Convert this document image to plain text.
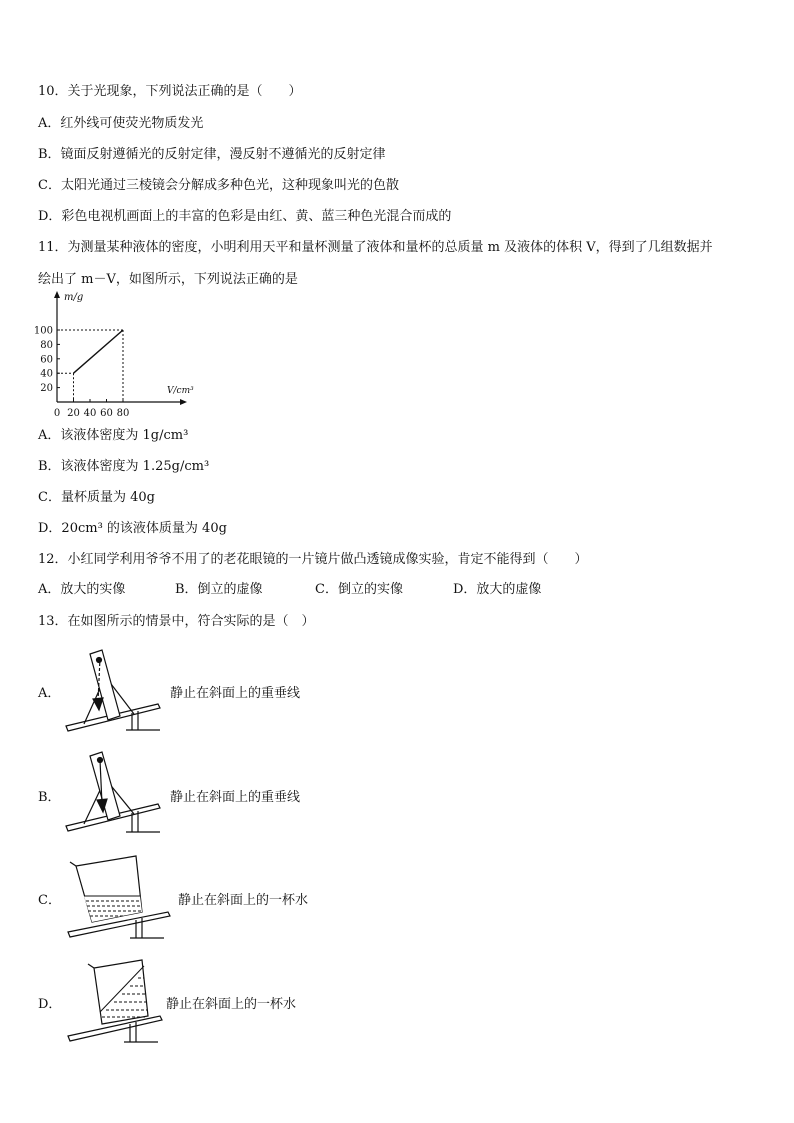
10．关于光现象，下列说法正确的是（　　）
A．红外线可使荧光物质发光
B．镜面反射遵循光的反射定律，漫反射不遵循光的反射定律
C．太阳光通过三棱镜会分解成多种色光，这种现象叫光的色散
D．彩色电视机画面上的丰富的色彩是由红、黄、蓝三种色光混合而成的
11．为测量某种液体的密度，小明利用天平和量杯测量了液体和量杯的总质量 m 及液体的体积 V，得到了几组数据并
绘出了 m－V，如图所示，下列说法正确的是
0 20 40 60 80
20
40
60
80
100
m/g
V/cm³
A．该液体密度为 1g/cm³
B．该液体密度为 1.25g/cm³
C．量杯质量为 40g
D．20cm³ 的该液体质量为 40g
12．小红同学利用爷爷不用了的老花眼镜的一片镜片做凸透镜成像实验，肯定不能得到（　　）
A．放大的实像	B．倒立的虚像	C．倒立的实像	D．放大的虚像
13．在如图所示的情景中，符合实际的是（　）
A．	静止在斜面上的重垂线
B．	静止在斜面上的重垂线
C．	静止在斜面上的一杯水
D．	静止在斜面上的一杯水
